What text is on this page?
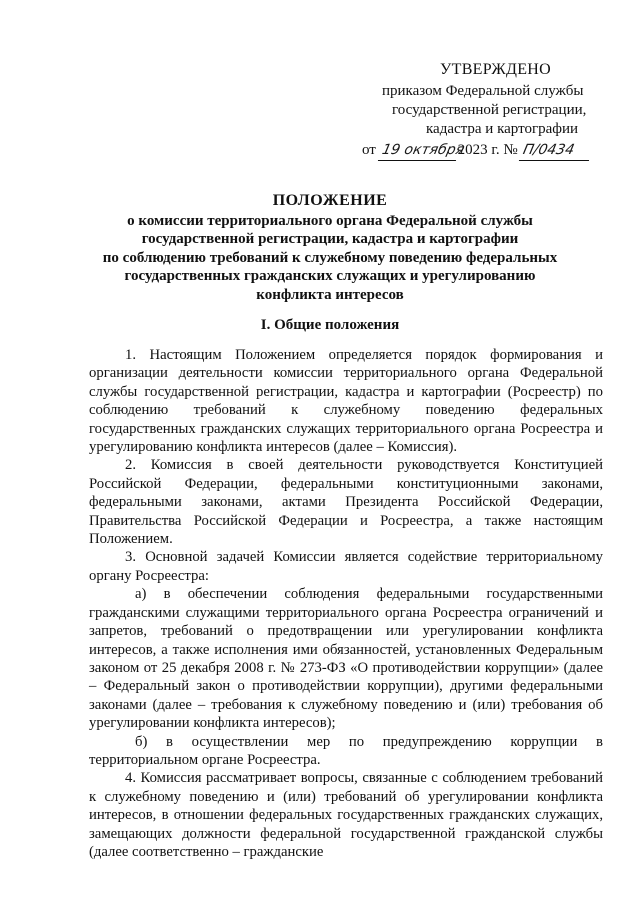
УТВЕРЖДЕНО
приказом Федеральной службы
государственной регистрации,
кадастра и картографии
от 19 октября2023 г. № П/0434
ПОЛОЖЕНИЕ
о комиссии территориального органа Федеральной службы
государственной регистрации, кадастра и картографии
по соблюдению требований к служебному поведению федеральных
государственных гражданских служащих и урегулированию
конфликта интересов
I. Общие положения

1. Настоящим Положением определяется порядок формирования и организации деятельности комиссии территориального органа Федеральной службы государственной регистрации, кадастра и картографии (Росреестр) по соблюдению требований к служебному поведению федеральных государственных гражданских служащих территориального органа Росреестра и урегулированию конфликта интересов (далее – Комиссия).

2. Комиссия в своей деятельности руководствуется Конституцией Российской Федерации, федеральными конституционными законами, федеральными законами, актами Президента Российской Федерации, Правительства Российской Федерации и Росреестра, а также настоящим Положением.

3. Основной задачей Комиссии является содействие территориальному органу Росреестра:

а) в обеспечении соблюдения федеральными государственными гражданскими служащими территориального органа Росреестра ограничений и запретов, требований о предотвращении или урегулировании конфликта интересов, а также исполнения ими обязанностей, установленных Федеральным законом от 25 декабря 2008 г. № 273-ФЗ «О противодействии коррупции» (далее – Федеральный закон о противодействии коррупции), другими федеральными законами (далее – требования к служебному поведению и (или) требования об урегулировании конфликта интересов);

б) в осуществлении мер по предупреждению коррупции в территориальном органе Росреестра.

4. Комиссия рассматривает вопросы, связанные с соблюдением требований к служебному поведению и (или) требований об урегулировании конфликта интересов, в отношении федеральных государственных гражданских служащих, замещающих должности федеральной государственной гражданской службы (далее соответственно – гражданские
